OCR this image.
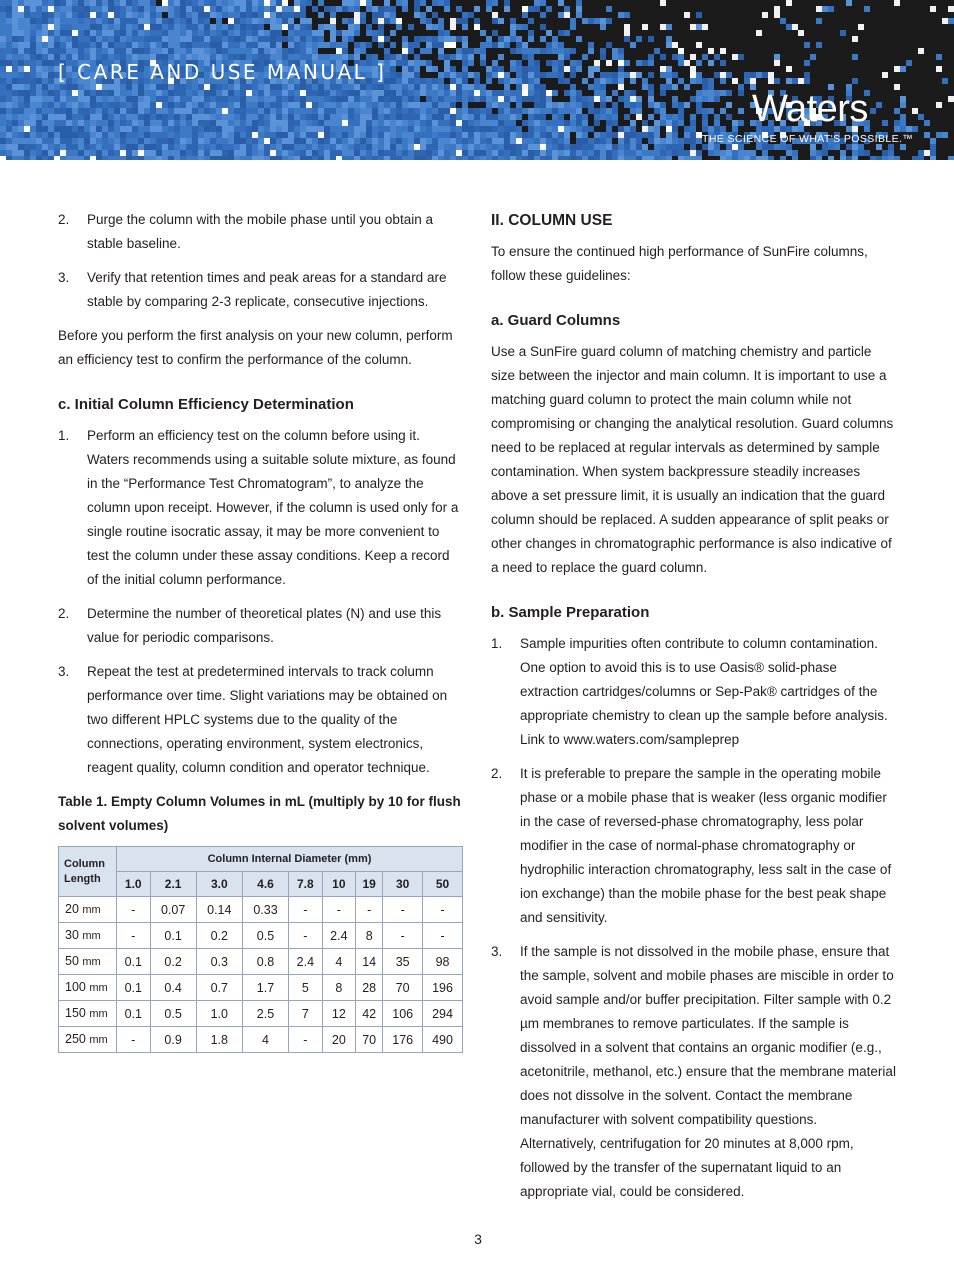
[ CARE AND USE MANUAL ]
Waters
THE SCIENCE OF WHAT'S POSSIBLE.™
2. Purge the column with the mobile phase until you obtain a stable baseline.
3. Verify that retention times and peak areas for a standard are stable by comparing 2-3 replicate, consecutive injections.

Before you perform the first analysis on your new column, perform an efficiency test to confirm the performance of the column.

c. Initial Column Efficiency Determination
1. Perform an efficiency test on the column before using it. Waters recommends using a suitable solute mixture, as found in the “Performance Test Chromatogram”, to analyze the column upon receipt. However, if the column is used only for a single routine isocratic assay, it may be more convenient to test the column under these assay conditions. Keep a record of the initial column performance.
2. Determine the number of theoretical plates (N) and use this value for periodic comparisons.
3. Repeat the test at predetermined intervals to track column performance over time. Slight variations may be obtained on two different HPLC systems due to the quality of the connections, operating environment, system electronics, reagent quality, column condition and operator technique.
Table 1. Empty Column Volumes in mL (multiply by 10 for flush solvent volumes)
Column Length	Column Internal Diameter (mm)								
	1.0	2.1	3.0	4.6	7.8	10	19	30	50
20 mm	-	0.07	0.14	0.33	-	-	-	-	-
30 mm	-	0.1	0.2	0.5	-	2.4	8	-	-
50 mm	0.1	0.2	0.3	0.8	2.4	4	14	35	98
100 mm	0.1	0.4	0.7	1.7	5	8	28	70	196
150 mm	0.1	0.5	1.0	2.5	7	12	42	106	294
250 mm	-	0.9	1.8	4	-	20	70	176	490
II. COLUMN USE

To ensure the continued high performance of SunFire columns, follow these guidelines:

a. Guard Columns

Use a SunFire guard column of matching chemistry and particle size between the injector and main column. It is important to use a matching guard column to protect the main column while not compromising or changing the analytical resolution. Guard columns need to be replaced at regular intervals as determined by sample contamination. When system backpressure steadily increases above a set pressure limit, it is usually an indication that the guard column should be replaced. A sudden appearance of split peaks or other changes in chromatographic performance is also indicative of a need to replace the guard column.

b. Sample Preparation
1. Sample impurities often contribute to column contamination. One option to avoid this is to use Oasis® solid-phase extraction cartridges/columns or Sep-Pak® cartridges of the appropriate chemistry to clean up the sample before analysis. Link to www.waters.com/sampleprep
2. It is preferable to prepare the sample in the operating mobile phase or a mobile phase that is weaker (less organic modifier in the case of reversed-phase chromatography, less polar modifier in the case of normal-phase chromatography or hydrophilic interaction chromatography, less salt in the case of ion exchange) than the mobile phase for the best peak shape and sensitivity.
3. If the sample is not dissolved in the mobile phase, ensure that the sample, solvent and mobile phases are miscible in order to avoid sample and/or buffer precipitation. Filter sample with 0.2 µm membranes to remove particulates. If the sample is dissolved in a solvent that contains an organic modifier (e.g., acetonitrile, methanol, etc.) ensure that the membrane material does not dissolve in the solvent. Contact the membrane manufacturer with solvent compatibility questions. Alternatively, centrifugation for 20 minutes at 8,000 rpm, followed by the transfer of the supernatant liquid to an appropriate vial, could be considered.
3
